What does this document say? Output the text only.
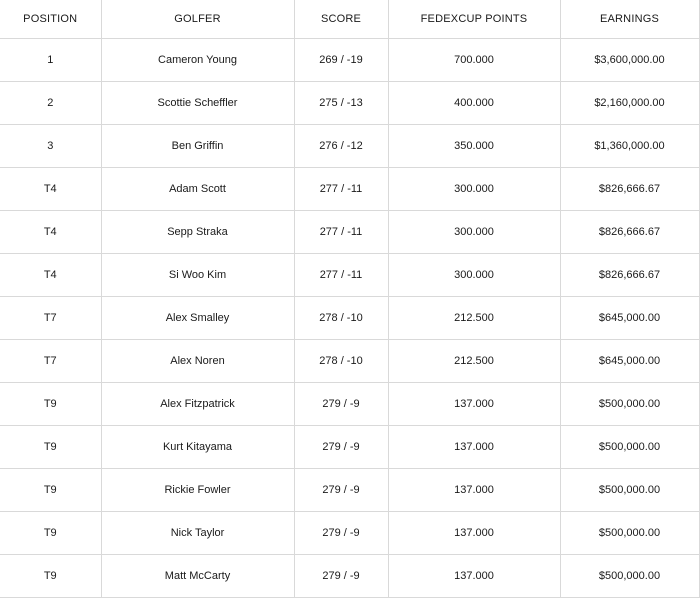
POSITION	GOLFER	SCORE	FEDEXCUP POINTS	EARNINGS
1	Cameron Young	269 / -19	700.000	$3,600,000.00
2	Scottie Scheffler	275 / -13	400.000	$2,160,000.00
3	Ben Griffin	276 / -12	350.000	$1,360,000.00
T4	Adam Scott	277 / -11	300.000	$826,666.67
T4	Sepp Straka	277 / -11	300.000	$826,666.67
T4	Si Woo Kim	277 / -11	300.000	$826,666.67
T7	Alex Smalley	278 / -10	212.500	$645,000.00
T7	Alex Noren	278 / -10	212.500	$645,000.00
T9	Alex Fitzpatrick	279 / -9	137.000	$500,000.00
T9	Kurt Kitayama	279 / -9	137.000	$500,000.00
T9	Rickie Fowler	279 / -9	137.000	$500,000.00
T9	Nick Taylor	279 / -9	137.000	$500,000.00
T9	Matt McCarty	279 / -9	137.000	$500,000.00
